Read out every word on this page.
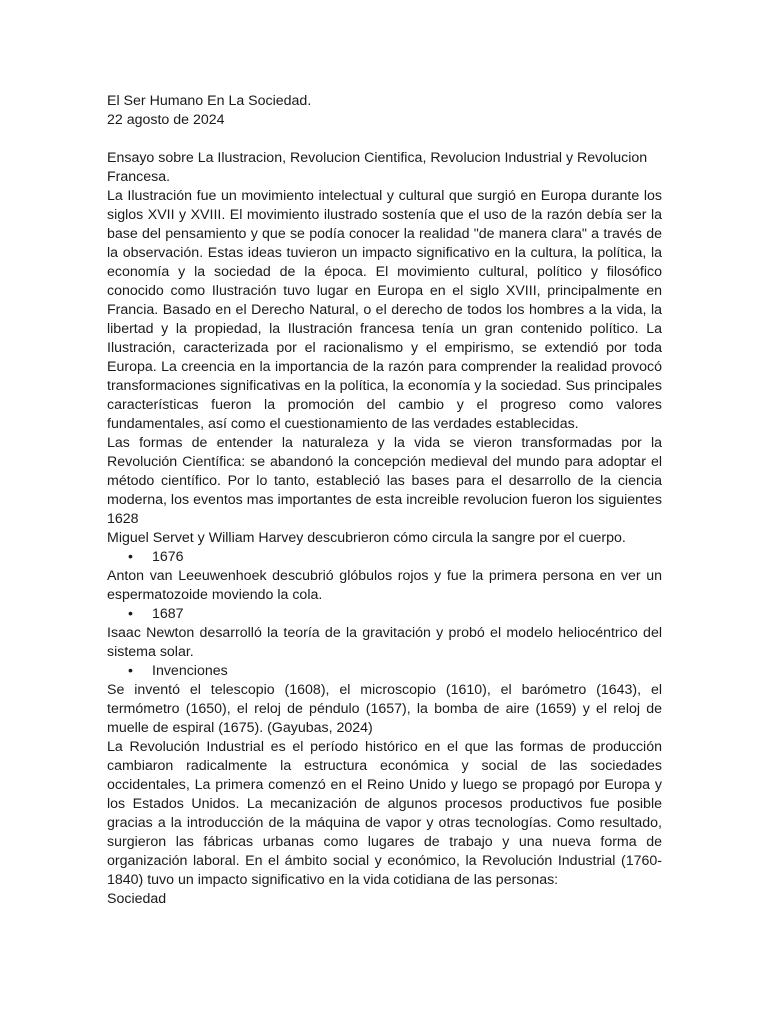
El Ser Humano En La Sociedad.

22 agosto de 2024

Ensayo sobre La Ilustracion, Revolucion Cientifica, Revolucion Industrial y Revolucion Francesa.

La Ilustración fue un movimiento intelectual y cultural que surgió en Europa durante los siglos XVII y XVIII. El movimiento ilustrado sostenía que el uso de la razón debía ser la base del pensamiento y que se podía conocer la realidad "de manera clara" a través de la observación. Estas ideas tuvieron un impacto significativo en la cultura, la política, la economía y la sociedad de la época. El movimiento cultural, político y filosófico conocido como Ilustración tuvo lugar en Europa en el siglo XVIII, principalmente en Francia. Basado en el Derecho Natural, o el derecho de todos los hombres a la vida, la libertad y la propiedad, la Ilustración francesa tenía un gran contenido político. La Ilustración, caracterizada por el racionalismo y el empirismo, se extendió por toda Europa. La creencia en la importancia de la razón para comprender la realidad provocó transformaciones significativas en la política, la economía y la sociedad. Sus principales características fueron la promoción del cambio y el progreso como valores fundamentales, así como el cuestionamiento de las verdades establecidas.

Las formas de entender la naturaleza y la vida se vieron transformadas por la Revolución Científica: se abandonó la concepción medieval del mundo para adoptar el método científico. Por lo tanto, estableció las bases para el desarrollo de la ciencia moderna, los eventos mas importantes de esta increible revolucion fueron los siguientes 1628

Miguel Servet y William Harvey descubrieron cómo circula la sangre por el cuerpo.

• 1676

Anton van Leeuwenhoek descubrió glóbulos rojos y fue la primera persona en ver un espermatozoide moviendo la cola.

• 1687

Isaac Newton desarrolló la teoría de la gravitación y probó el modelo heliocéntrico del sistema solar.

• Invenciones

Se inventó el telescopio (1608), el microscopio (1610), el barómetro (1643), el termómetro (1650), el reloj de péndulo (1657), la bomba de aire (1659) y el reloj de muelle de espiral (1675). (Gayubas, 2024)

La Revolución Industrial es el período histórico en el que las formas de producción cambiaron radicalmente la estructura económica y social de las sociedades occidentales, La primera comenzó en el Reino Unido y luego se propagó por Europa y los Estados Unidos. La mecanización de algunos procesos productivos fue posible gracias a la introducción de la máquina de vapor y otras tecnologías. Como resultado, surgieron las fábricas urbanas como lugares de trabajo y una nueva forma de organización laboral. En el ámbito social y económico, la Revolución Industrial (1760-1840) tuvo un impacto significativo en la vida cotidiana de las personas:

Sociedad
